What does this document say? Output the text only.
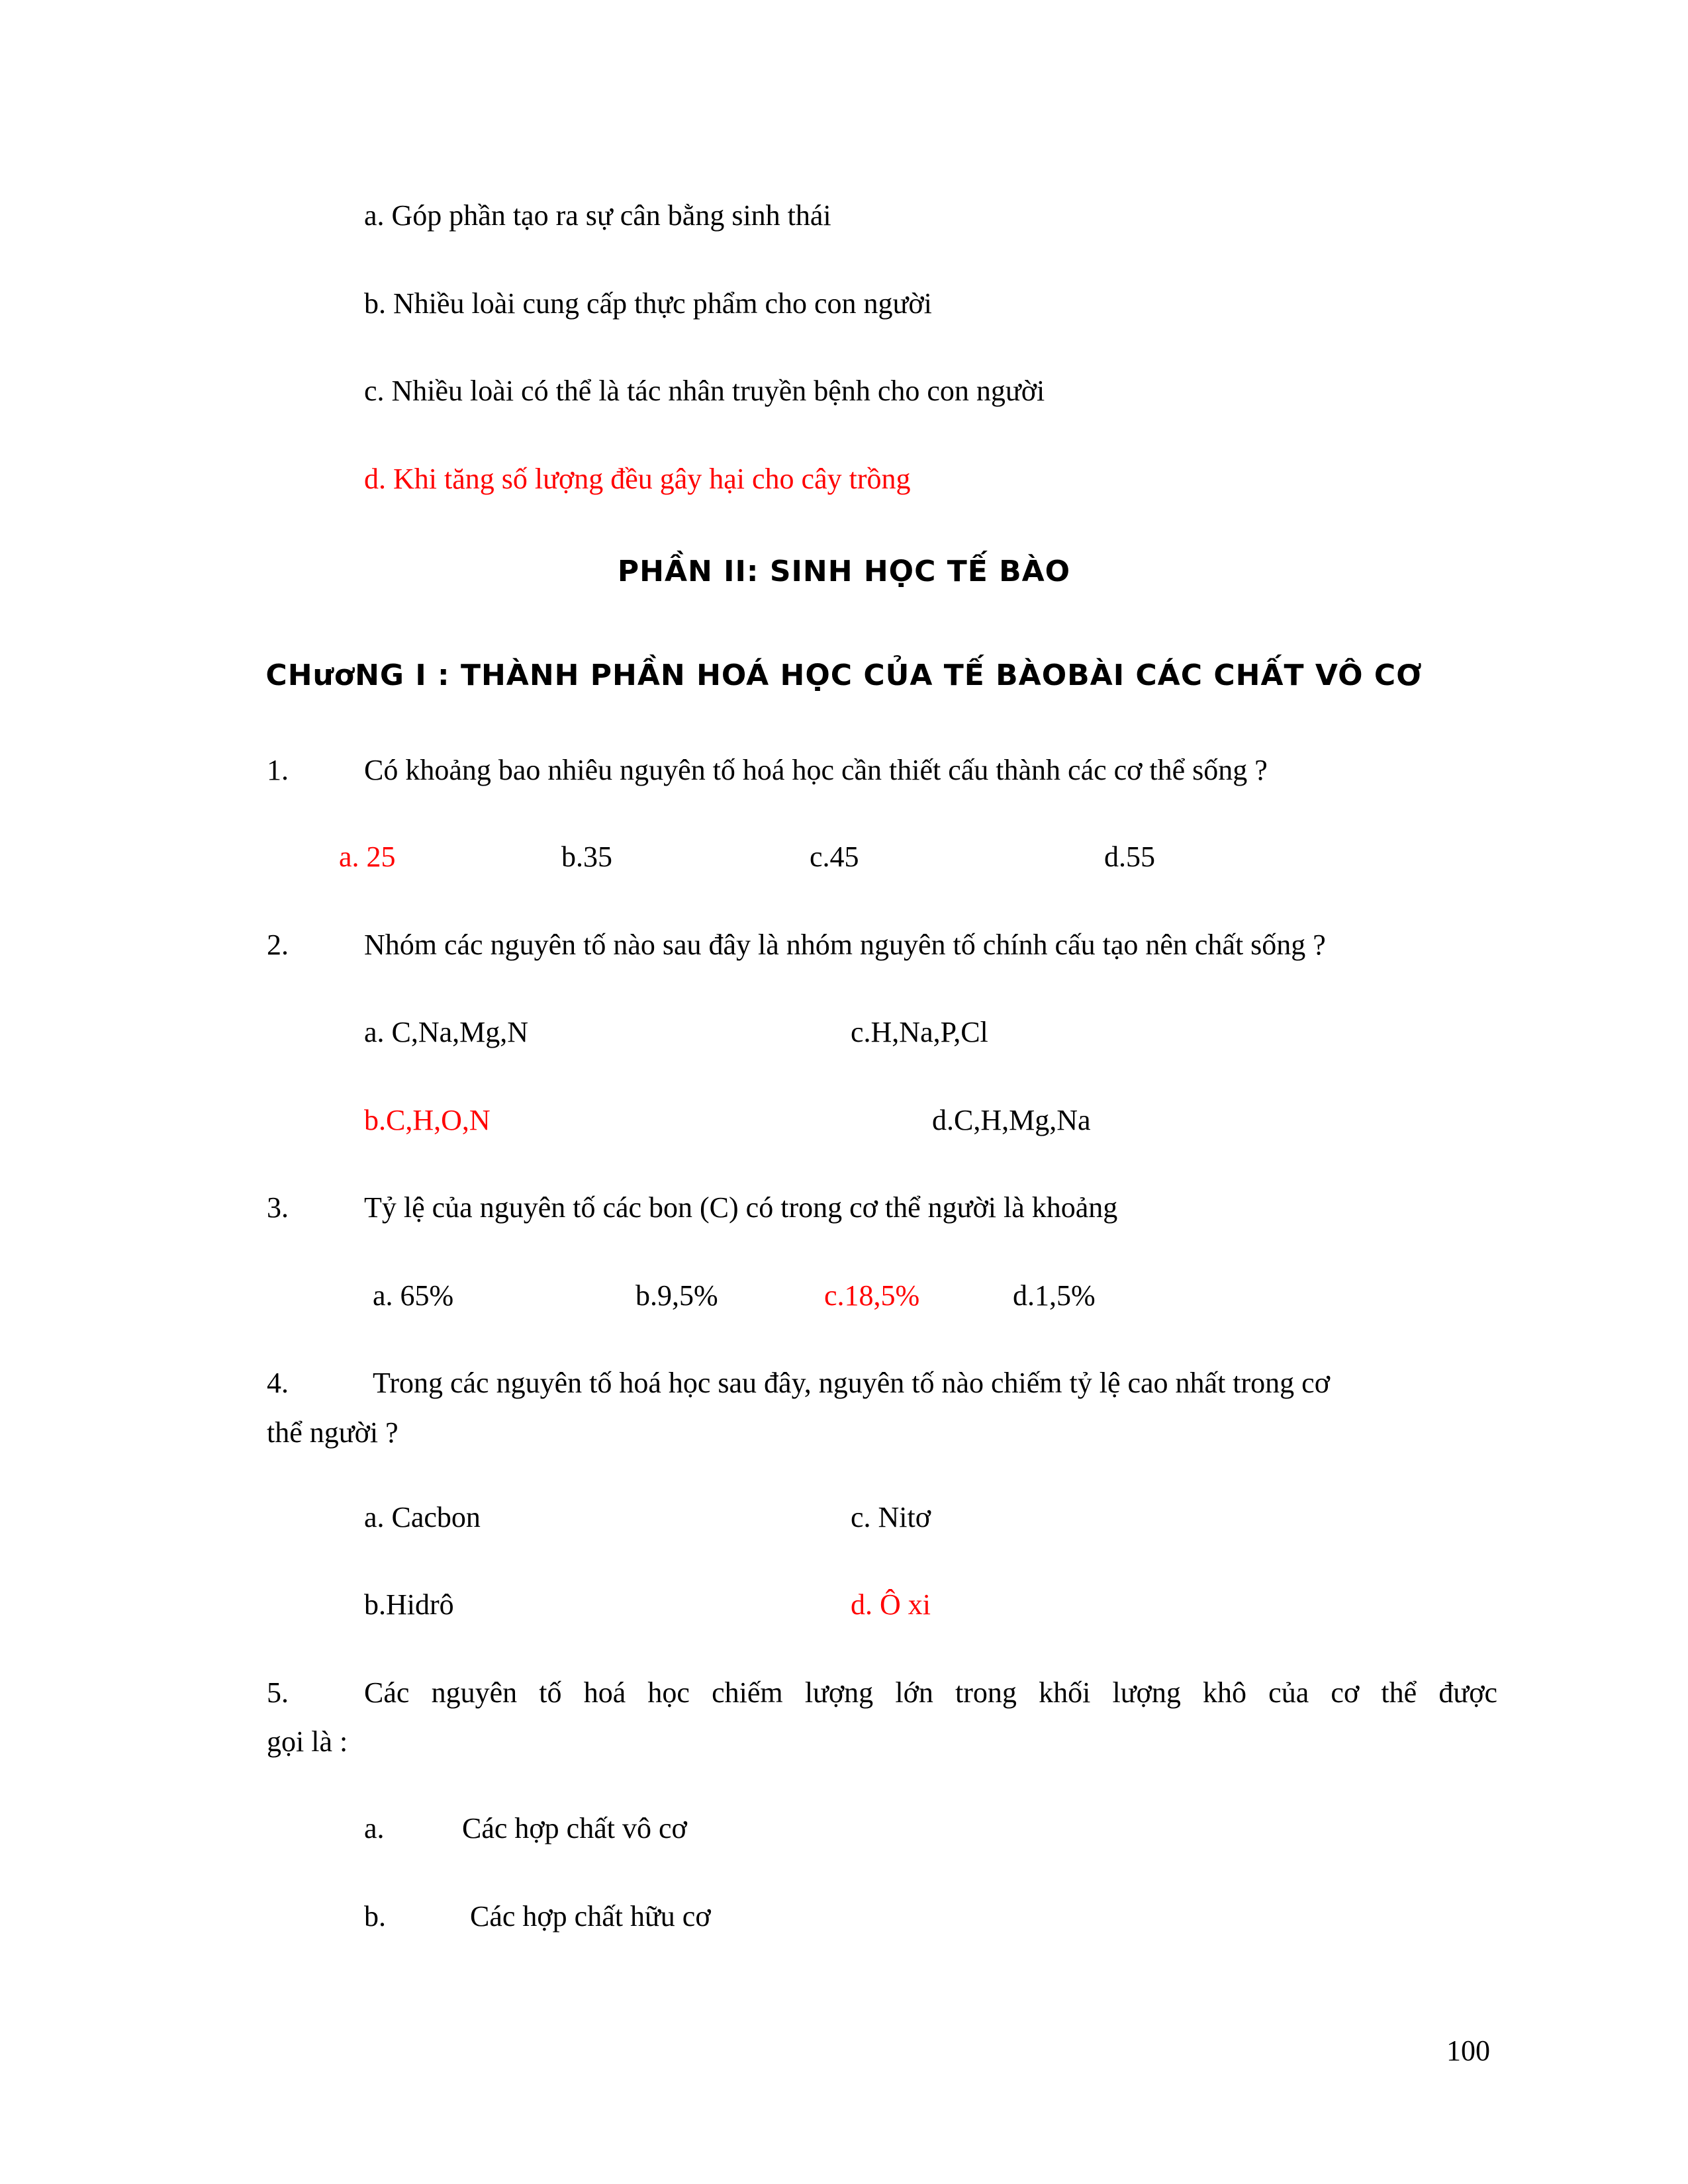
a. Góp phần tạo ra sự cân bằng sinh thái
b. Nhiều loài cung cấp thực phẩm cho con người
c. Nhiều loài có thể là tác nhân truyền bệnh cho con người
d. Khi tăng số lượng đều gây hại cho cây trồng
PHẦN II: SINH HỌC TẾ BÀO
CHươNG I : THÀNH PHẦN HOÁ HỌC CỦA TẾ BÀOBÀI CÁC CHẤT VÔ CƠ
1.	Có khoảng bao nhiêu nguyên tố hoá học cần thiết cấu thành các cơ thể sống ?
a. 25	b.35	c.45	d.55
2.	Nhóm các nguyên tố nào sau đây là nhóm nguyên tố chính cấu tạo nên chất sống ?
a. C,Na,Mg,N	c.H,Na,P,Cl
b.C,H,O,N	d.C,H,Mg,Na
3.	Tỷ lệ của nguyên tố các bon (C) có trong cơ thể người là khoảng
a. 65%	b.9,5%	c.18,5%	d.1,5%
4.	Trong các nguyên tố hoá học sau đây, nguyên tố nào chiếm tỷ lệ cao nhất trong cơ
thể người ?
a. Cacbon	c. Nitơ
b.Hidrô	d. Ô xi
5.	Các nguyên tố hoá học chiếm lượng lớn trong khối lượng khô của cơ thể được
gọi là :
a.	Các hợp chất vô cơ
b.	Các hợp chất hữu cơ
100
